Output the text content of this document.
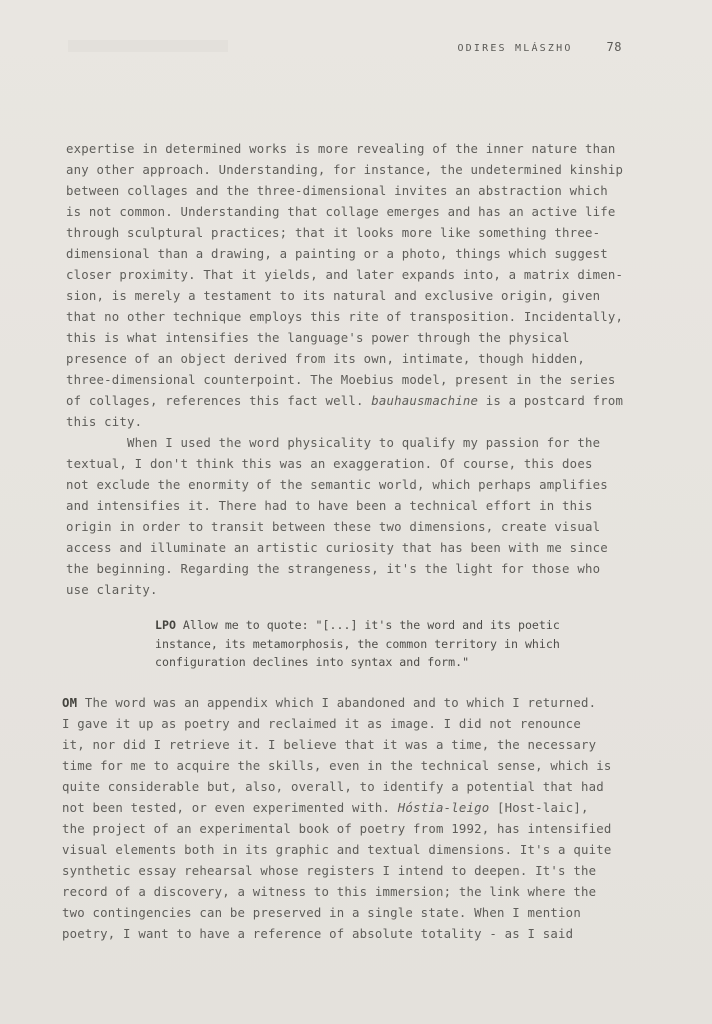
ODIRES MLÁSZHO	78

expertise in determined works is more revealing of the inner nature than

any other approach. Understanding, for instance, the undetermined kinship

between collages and the three-dimensional invites an abstraction which

is not common. Understanding that collage emerges and has an active life

through sculptural practices; that it looks more like something three-

dimensional than a drawing, a painting or a photo, things which suggest

closer proximity. That it yields, and later expands into, a matrix dimen-

sion, is merely a testament to its natural and exclusive origin, given

that no other technique employs this rite of transposition. Incidentally,

this is what intensifies the language's power through the physical

presence of an object derived from its own, intimate, though hidden,

three-dimensional counterpoint. The Moebius model, present in the series

of collages, references this fact well. bauhausmachine is a postcard from

this city.

When I used the word physicality to qualify my passion for the

textual, I don't think this was an exaggeration. Of course, this does

not exclude the enormity of the semantic world, which perhaps amplifies

and intensifies it. There had to have been a technical effort in this

origin in order to transit between these two dimensions, create visual

access and illuminate an artistic curiosity that has been with me since

the beginning. Regarding the strangeness, it's the light for those who

use clarity.

LPO Allow me to quote: "[...] it's the word and its poetic

instance, its metamorphosis, the common territory in which

configuration declines into syntax and form."

OM The word was an appendix which I abandoned and to which I returned.

I gave it up as poetry and reclaimed it as image. I did not renounce

it, nor did I retrieve it. I believe that it was a time, the necessary

time for me to acquire the skills, even in the technical sense, which is

quite considerable but, also, overall, to identify a potential that had

not been tested, or even experimented with. Hóstia-leigo [Host-laic],

the project of an experimental book of poetry from 1992, has intensified

visual elements both in its graphic and textual dimensions. It's a quite

synthetic essay rehearsal whose registers I intend to deepen. It's the

record of a discovery, a witness to this immersion; the link where the

two contingencies can be preserved in a single state. When I mention

poetry, I want to have a reference of absolute totality - as I said
